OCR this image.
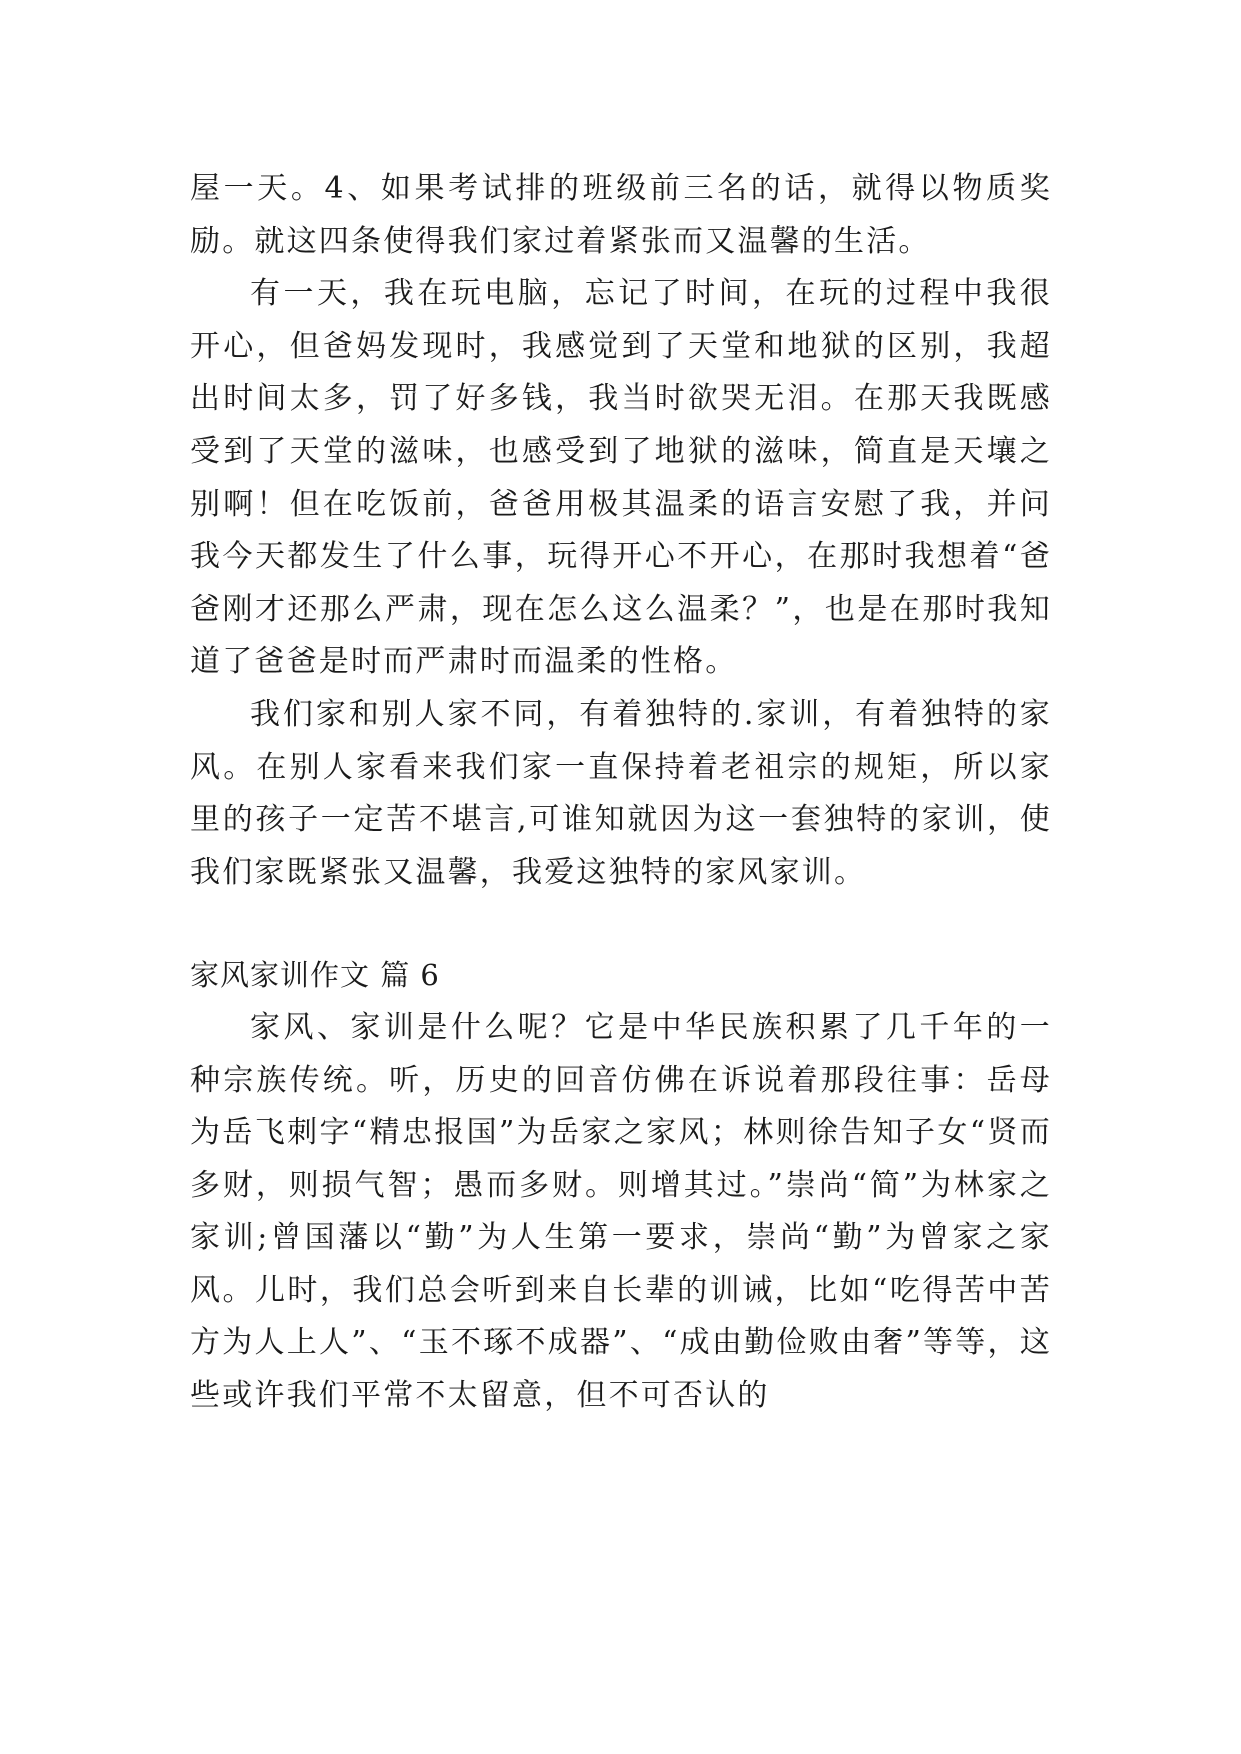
屋一天。4、如果考试排的班级前三名的话，就得以物质奖励。就这四条使得我们家过着紧张而又温馨的生活。

有一天，我在玩电脑，忘记了时间，在玩的过程中我很开心，但爸妈发现时，我感觉到了天堂和地狱的区别，我超出时间太多，罚了好多钱，我当时欲哭无泪。在那天我既感受到了天堂的滋味，也感受到了地狱的滋味，简直是天壤之别啊！但在吃饭前，爸爸用极其温柔的语言安慰了我，并问我今天都发生了什么事，玩得开心不开心，在那时我想着“爸爸刚才还那么严肃，现在怎么这么温柔？”，也是在那时我知道了爸爸是时而严肃时而温柔的性格。

我们家和别人家不同，有着独特的.家训，有着独特的家风。在别人家看来我们家一直保持着老祖宗的规矩，所以家里的孩子一定苦不堪言,可谁知就因为这一套独特的家训，使我们家既紧张又温馨，我爱这独特的家风家训。

家风家训作文 篇 6

家风、家训是什么呢？它是中华民族积累了几千年的一种宗族传统。听，历史的回音仿佛在诉说着那段往事：岳母为岳飞刺字“精忠报国”为岳家之家风；林则徐告知子女“贤而多财，则损气智；愚而多财。则增其过。”崇尚“简”为林家之家训;曾国藩以“勤”为人生第一要求，崇尚“勤”为曾家之家风。儿时，我们总会听到来自长辈的训诫，比如“吃得苦中苦方为人上人”、“玉不琢不成器”、“成由勤俭败由奢”等等，这些或许我们平常不太留意，但不可否认的
